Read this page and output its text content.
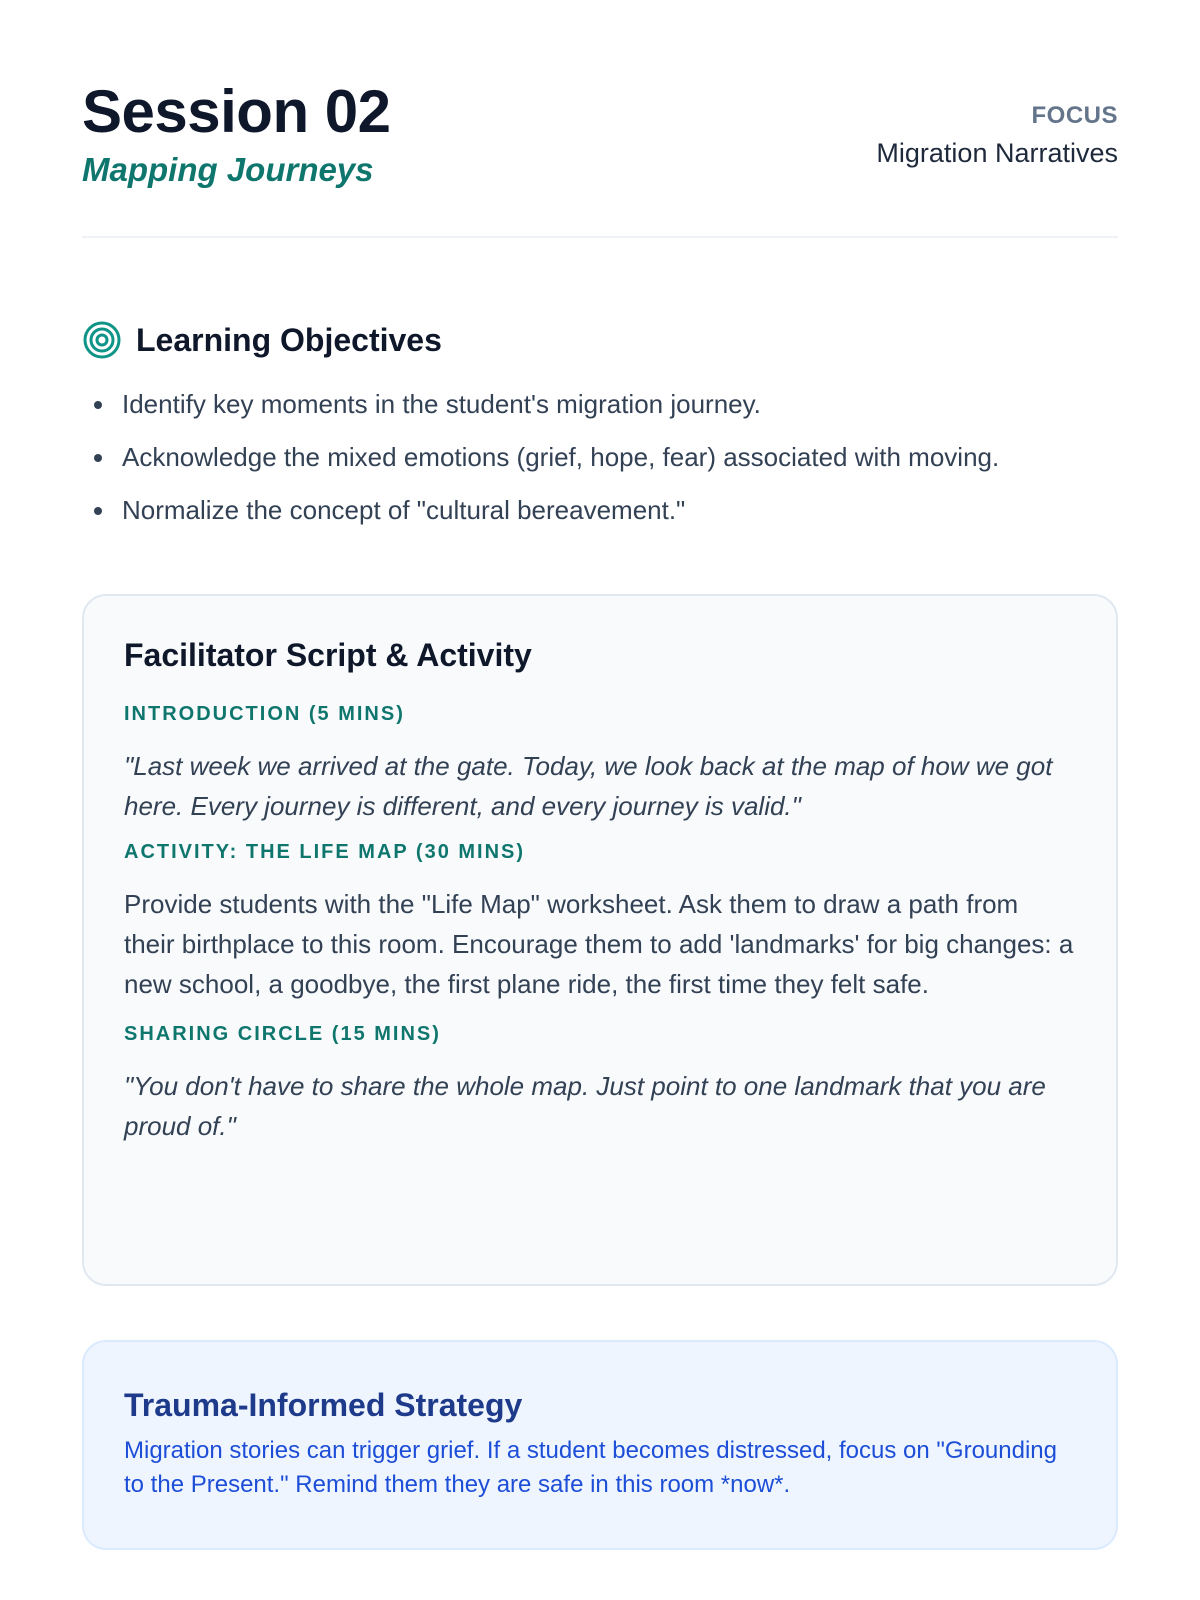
Session 02
Mapping Journeys
FOCUS
Migration Narratives
Learning Objectives
Identify key moments in the student's migration journey.
Acknowledge the mixed emotions (grief, hope, fear) associated with moving.
Normalize the concept of "cultural bereavement."
Facilitator Script & Activity
INTRODUCTION (5 MINS)

"Last week we arrived at the gate. Today, we look back at the map of how we got here. Every journey is different, and every journey is valid."

ACTIVITY: THE LIFE MAP (30 MINS)

Provide students with the "Life Map" worksheet. Ask them to draw a path from their birthplace to this room. Encourage them to add 'landmarks' for big changes: a new school, a goodbye, the first plane ride, the first time they felt safe.

SHARING CIRCLE (15 MINS)

"You don't have to share the whole map. Just point to one landmark that you are proud of."

Trauma-Informed Strategy

Migration stories can trigger grief. If a student becomes distressed, focus on "Grounding to the Present." Remind them they are safe in this room *now*.
